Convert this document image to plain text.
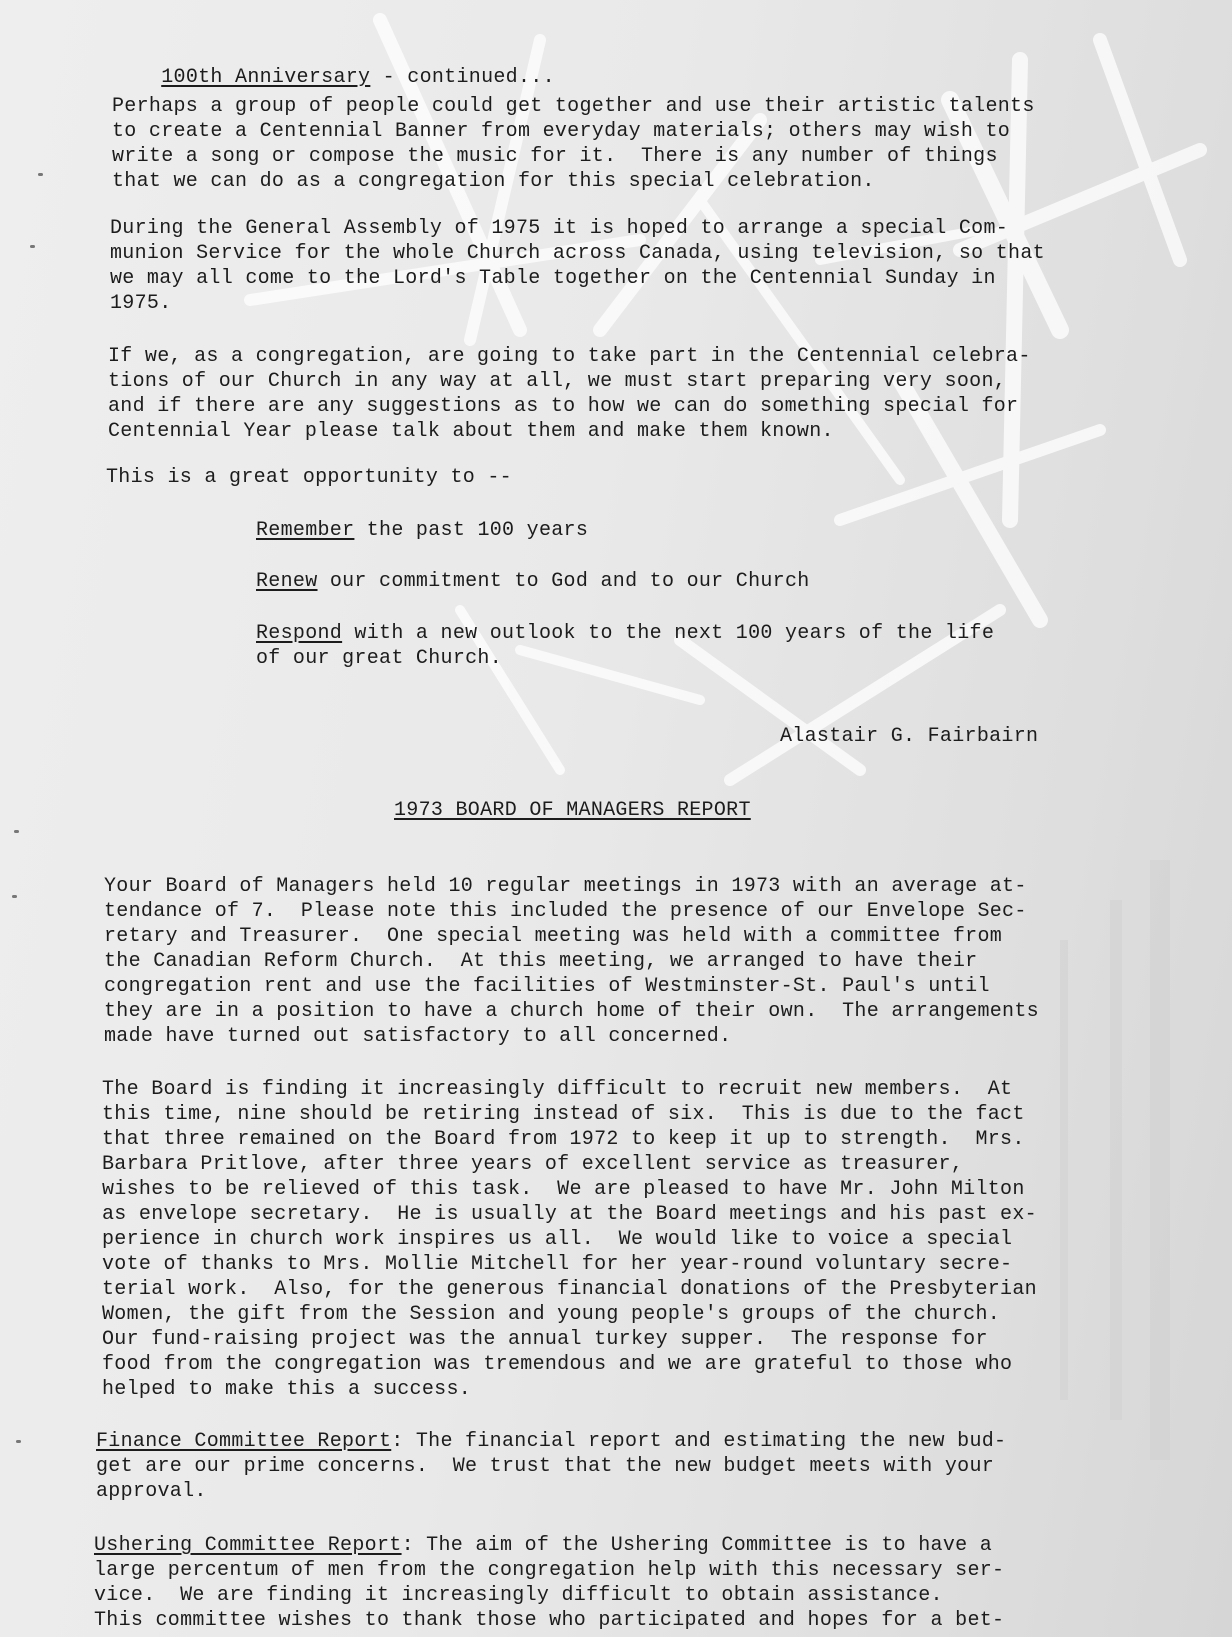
100th Anniversary - continued...

Perhaps a group of people could get together and use their artistic talents
to create a Centennial Banner from everyday materials; others may wish to
write a song or compose the music for it.  There is any number of things
that we can do as a congregation for this special celebration.
During the General Assembly of 1975 it is hoped to arrange a special Com-
munion Service for the whole Church across Canada, using television, so that
we may all come to the Lord's Table together on the Centennial Sunday in
1975.
If we, as a congregation, are going to take part in the Centennial celebra-
tions of our Church in any way at all, we must start preparing very soon,
and if there are any suggestions as to how we can do something special for
Centennial Year please talk about them and make them known.
This is a great opportunity to --
Remember the past 100 years
Renew our commitment to God and to our Church
Respond with a new outlook to the next 100 years of the life
of our great Church.
Alastair G. Fairbairn
1973 BOARD OF MANAGERS REPORT
Your Board of Managers held 10 regular meetings in 1973 with an average at-
tendance of 7.  Please note this included the presence of our Envelope Sec-
retary and Treasurer.  One special meeting was held with a committee from
the Canadian Reform Church.  At this meeting, we arranged to have their
congregation rent and use the facilities of Westminster-St. Paul's until
they are in a position to have a church home of their own.  The arrangements
made have turned out satisfactory to all concerned.
The Board is finding it increasingly difficult to recruit new members.  At
this time, nine should be retiring instead of six.  This is due to the fact
that three remained on the Board from 1972 to keep it up to strength.  Mrs.
Barbara Pritlove, after three years of excellent service as treasurer,
wishes to be relieved of this task.  We are pleased to have Mr. John Milton
as envelope secretary.  He is usually at the Board meetings and his past ex-
perience in church work inspires us all.  We would like to voice a special
vote of thanks to Mrs. Mollie Mitchell for her year-round voluntary secre-
terial work.  Also, for the generous financial donations of the Presbyterian
Women, the gift from the Session and young people's groups of the church.
Our fund-raising project was the annual turkey supper.  The response for
food from the congregation was tremendous and we are grateful to those who
helped to make this a success.
Finance Committee Report: The financial report and estimating the new bud-
get are our prime concerns.  We trust that the new budget meets with your
approval.
Ushering Committee Report: The aim of the Ushering Committee is to have a
large percentum of men from the congregation help with this necessary ser-
vice.  We are finding it increasingly difficult to obtain assistance.
This committee wishes to thank those who participated and hopes for a bet-
